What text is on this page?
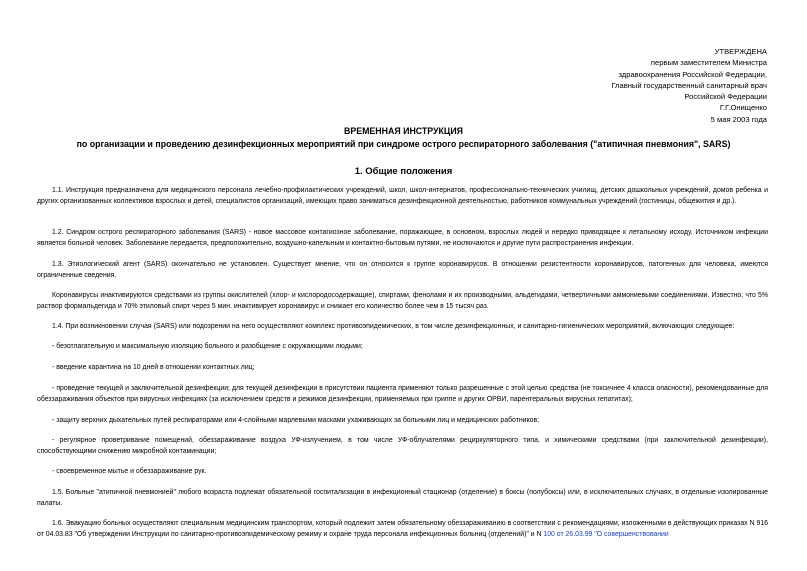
УТВЕРЖДЕНА
первым заместителем Министра
здравоохранения Российской Федерации,
Главный государственный санитарный врач
Российской Федерации
Г.Г.Онищенко
5 мая 2003 года
ВРЕМЕННАЯ ИНСТРУКЦИЯ
по организации и проведению дезинфекционных мероприятий при синдроме острого респираторного заболевания ("атипичная пневмония", SARS)
1. Общие положения
1.1. Инструкция предназначена для медицинского персонала лечебно-профилактических учреждений, школ, школ-интернатов, профессионально-технических училищ, детских дошкольных учреждений, домов ребенка и других организованных коллективов взрослых и детей, специалистов организаций, имеющих право заниматься дезинфекционной деятельностью, работников коммунальных учреждений (гостиницы, общежития и др.).
1.2. Синдром острого респираторного заболевания (SARS) - новое массовое контагиозное заболевание, поражающее, в основном, взрослых людей и нередко приводящее к летальному исходу. Источником инфекции является больной человек. Заболевание передается, предположительно, воздушно-капельным и контактно-бытовым путями, не исключаются и другие пути распространения инфекции.
1.3. Этиологический агент (SARS) окончательно не установлен. Существует мнение, что он относится к группе коронавирусов. В отношении резистентности коронавирусов, патогенных для человека, имеются ограниченные сведения.
Коронавирусы инактивируются средствами из группы окислителей (хлор- и кислородосодержащие), спиртами, фенолами и их производными, альдегидами, четвертичными аммониевыми соединениями. Известно, что 5% раствор формальдегида и 70% этиловый спирт через 5 мин. инактивирует коронавирус и снижает его количество более чем в 15 тысяч раз.
1.4. При возникновении случая (SARS) или подозрении на него осуществляют комплекс противоэпидемических, в том числе дезинфекционных, и санитарно-гигиенических мероприятий, включающих следующее:
- безотлагательную и максимальную изоляцию больного и разобщение с окружающими людьми;
- введение карантина на 10 дней в отношении контактных лиц;
- проведение текущей и заключительной дезинфекции; для текущей дезинфекции в присутствии пациента применяют только разрешенные с этой целью средства (не токсичнее 4 класса опасности), рекомендованные для обеззараживания объектов при вирусных инфекциях (за исключением средств и режимов дезинфекции, применяемых при гриппе и других ОРВИ, парентеральных вирусных гепатитах);
- защиту верхних дыхательных путей респираторами или 4-слойными марлевыми масками ухаживающих за больными лиц и медицинских работников;
- регулярное проветривание помещений, обеззараживание воздуха УФ-излучением, в том числе УФ-облучателями рециркуляторного типа, и химическими средствами (при заключительной дезинфекции), способствующими снижению микробной контаминации;
- своевременное мытье и обеззараживание рук.
1.5. Больные "атипичной пневмонией" любого возраста подлежат обязательной госпитализации в инфекционный стационар (отделение) в боксы (полубоксы) или, в исключительных случаях, в отдельные изолированные палаты.
1.6. Эвакуацию больных осуществляют специальным медицинским транспортом, который подлежит затем обязательному обеззараживанию в соответствии с рекомендациями, изложенными в действующих приказах N 916 от 04.03.83 "Об утверждении Инструкции по санитарно-противоэпидемическому режиму и охране труда персонала инфекционных больниц (отделений)" и N 100 от 26.03.99 "О совершенствовании
